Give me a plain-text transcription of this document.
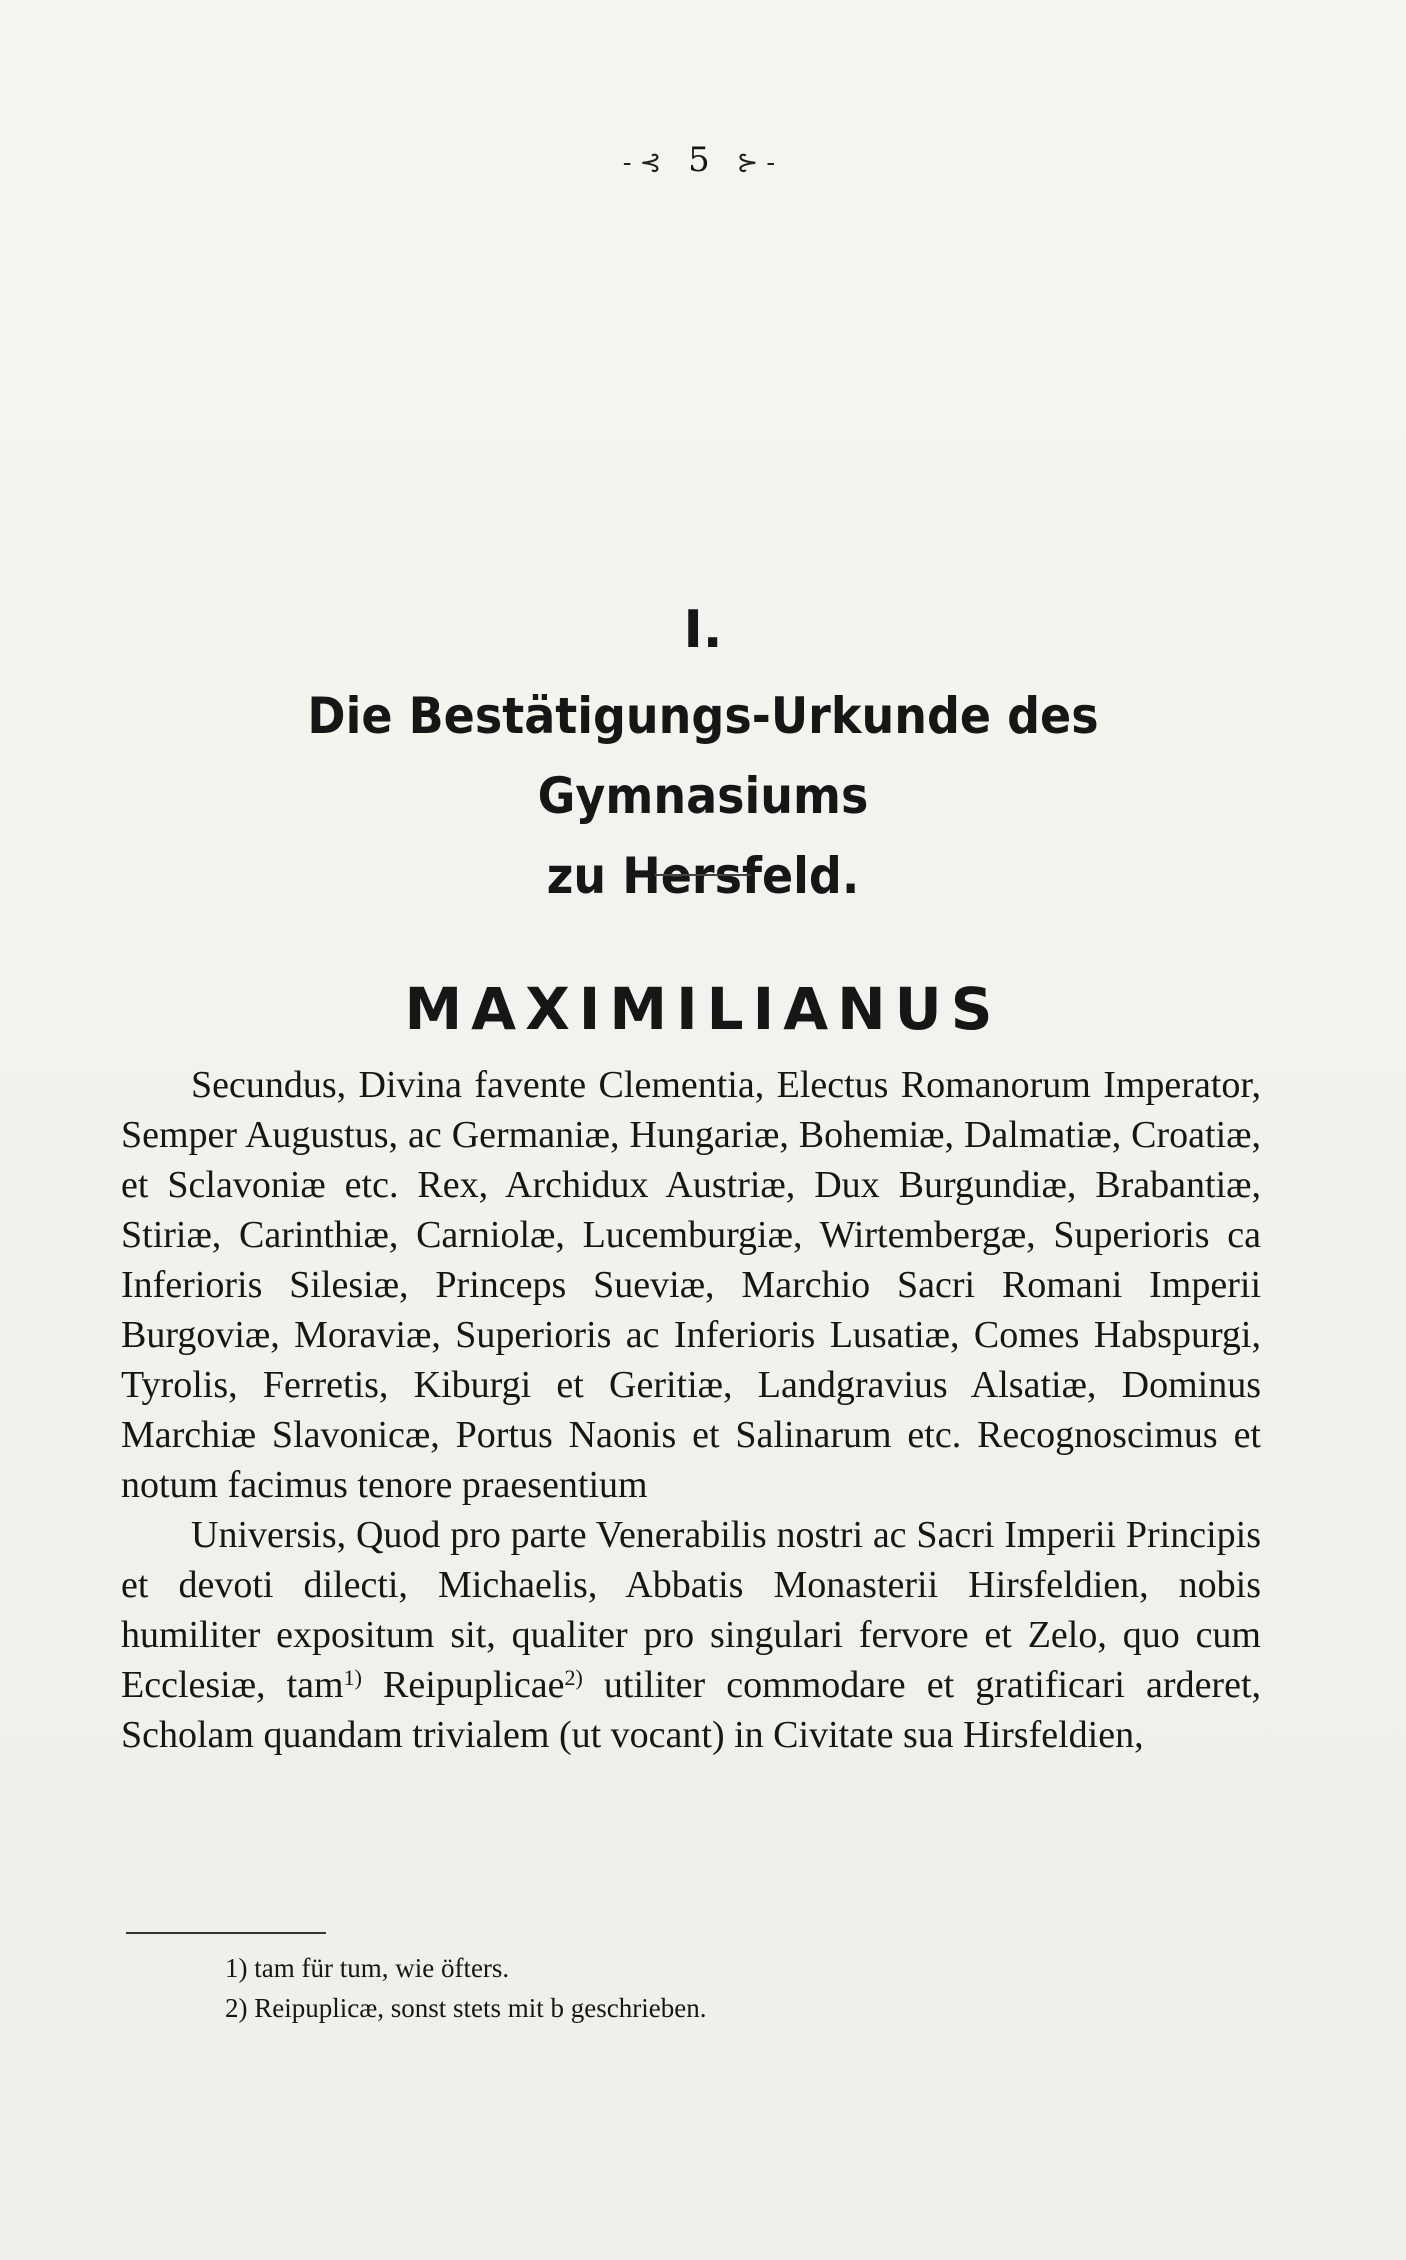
-⊰ 5 ⊱-
I.
Die Bestätigungs-Urkunde des Gymnasiums
zu Hersfeld.
MAXIMILIANUS

Secundus, Divina favente Clementia, Electus Romanorum Imperator, Semper Augustus, ac Germaniæ, Hungariæ, Bohemiæ, Dalmatiæ, Croatiæ, et Sclavoniæ etc. Rex, Archidux Austriæ, Dux Burgundiæ, Brabantiæ, Stiriæ, Carinthiæ, Carniolæ, Lucemburgiæ, Wirtembergæ, Superioris ca Inferioris Silesiæ, Princeps Sueviæ, Marchio Sacri Romani Imperii Burgoviæ, Moraviæ, Superioris ac Inferioris Lusatiæ, Comes Habspurgi, Tyrolis, Ferretis, Kiburgi et Geritiæ, Landgravius Alsatiæ, Dominus Marchiæ Slavonicæ, Portus Naonis et Salinarum etc. Recognoscimus et notum facimus tenore praesentium

Universis, Quod pro parte Venerabilis nostri ac Sacri Imperii Principis et devoti dilecti, Michaelis, Abbatis Monasterii Hirsfeldien, nobis humiliter expositum sit, qualiter pro singulari fervore et Zelo, quo cum Ecclesiæ, tam$^{1)}$ Reipuplicae$^{2)}$ utiliter commodare et gratificari arderet, Scholam quandam trivialem (ut vocant) in Civitate sua Hirsfeldien,

1) tam für tum, wie öfters.
2) Reipuplicæ, sonst stets mit b geschrieben.
